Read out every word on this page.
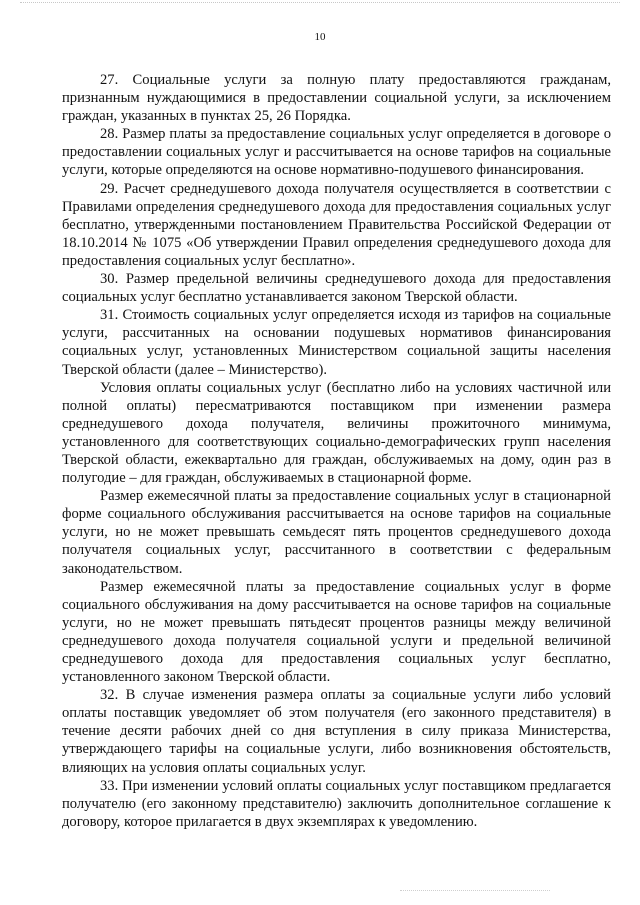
10

27. Социальные услуги за полную плату предоставляются гражданам, признанным нуждающимися в предоставлении социальной услуги, за исключением граждан, указанных в пунктах 25, 26 Порядка.

28. Размер платы за предоставление социальных услуг определяется в договоре о предоставлении социальных услуг и рассчитывается на основе тарифов на социальные услуги, которые определяются на основе нормативно-подушевого финансирования.

29. Расчет среднедушевого дохода получателя осуществляется в соответствии с Правилами определения среднедушевого дохода для предоставления социальных услуг бесплатно, утвержденными постановлением Правительства Российской Федерации от 18.10.2014 № 1075 «Об утверждении Правил определения среднедушевого дохода для предоставления социальных услуг бесплатно».

30. Размер предельной величины среднедушевого дохода для предоставления социальных услуг бесплатно устанавливается законом Тверской области.

31. Стоимость социальных услуг определяется исходя из тарифов на социальные услуги, рассчитанных на основании подушевых нормативов финансирования социальных услуг, установленных Министерством социальной защиты населения Тверской области (далее – Министерство).

Условия оплаты социальных услуг (бесплатно либо на условиях частичной или полной оплаты) пересматриваются поставщиком при изменении размера среднедушевого дохода получателя, величины прожиточного минимума, установленного для соответствующих социально-демографических групп населения Тверской области, ежеквартально для граждан, обслуживаемых на дому, один раз в полугодие – для граждан, обслуживаемых в стационарной форме.

Размер ежемесячной платы за предоставление социальных услуг в стационарной форме социального обслуживания рассчитывается на основе тарифов на социальные услуги, но не может превышать семьдесят пять процентов среднедушевого дохода получателя социальных услуг, рассчитанного в соответствии с федеральным законодательством.

Размер ежемесячной платы за предоставление социальных услуг в форме социального обслуживания на дому рассчитывается на основе тарифов на социальные услуги, но не может превышать пятьдесят процентов разницы между величиной среднедушевого дохода получателя социальной услуги и предельной величиной среднедушевого дохода для предоставления социальных услуг бесплатно, установленного законом Тверской области.

32. В случае изменения размера оплаты за социальные услуги либо условий оплаты поставщик уведомляет об этом получателя (его законного представителя) в течение десяти рабочих дней со дня вступления в силу приказа Министерства, утверждающего тарифы на социальные услуги, либо возникновения обстоятельств, влияющих на условия оплаты социальных услуг.

33. При изменении условий оплаты социальных услуг поставщиком предлагается получателю (его законному представителю) заключить дополнительное соглашение к договору, которое прилагается в двух экземплярах к уведомлению.
